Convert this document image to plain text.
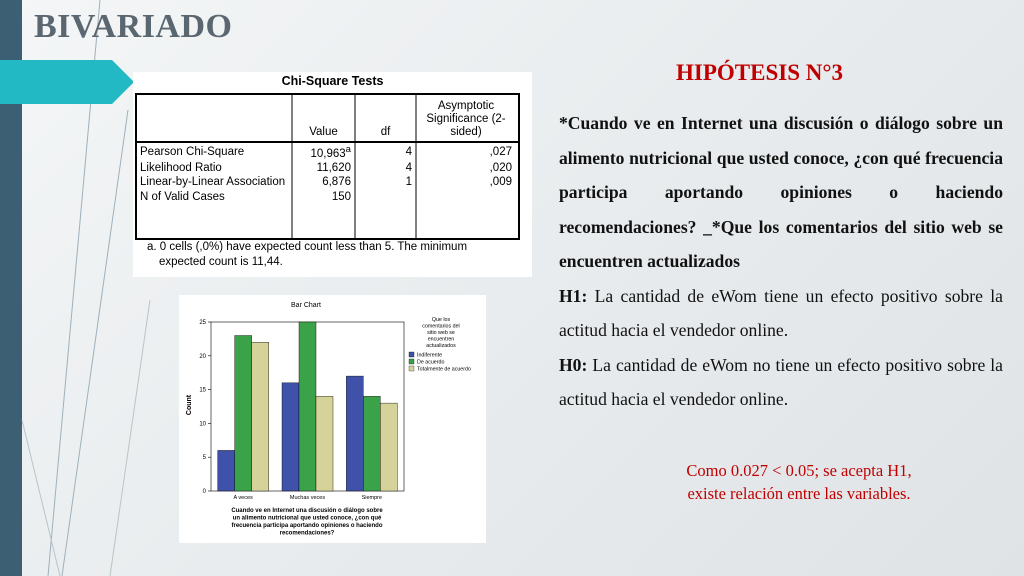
BIVARIADO
HIPÓTESIS N°3

*Cuando ve en Internet una discusión o diálogo sobre un alimento nutricional que usted conoce, ¿con qué frecuencia participa aportando opiniones o haciendo recomendaciones? _*Que los comentarios del sitio web se encuentren actualizados

H1: La cantidad de eWom tiene un efecto positivo sobre la actitud hacia el vendedor online.

H0: La cantidad de eWom no tiene un efecto positivo sobre la actitud hacia el vendedor online.

Como 0.027 < 0.05; se acepta H1, existe relación entre las variables.
Chi-Square Tests
	Value	df	Asymptotic Significance (2-sided)
Pearson Chi-Square	10,963$^a$	4	,027
Likelihood Ratio	11,620	4	,020
Linear-by-Linear Association	6,876	1	,009
N of Valid Cases	150		
a. 0 cells (,0%) have expected count less than 5. The minimum
expected count is 11,44.
Bar Chart
0
5
10
15
20
25
Count
A veces	Muchas veces	Siempre
Cuando ve en Internet una discusión o diálogo sobre
un alimento nutricional que usted conoce, ¿con qué
frecuencia participa aportando opiniones o haciendo
recomendaciones?
Que los
comentarios del
sitio web se
encuentren
actualizados
Indiferente
De acuerdo
Totalmente de acuerdo
